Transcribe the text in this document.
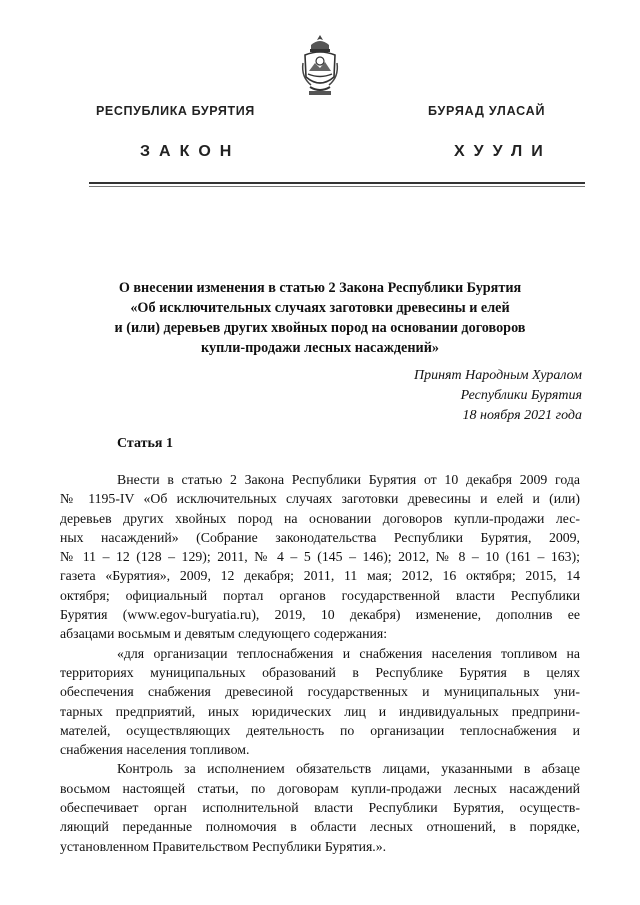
РЕСПУБЛИКА БУРЯТИЯ	БУРЯАД УЛАСАЙ
ЗАКОН	ХУУЛИ
О внесении изменения в статью 2 Закона Республики Бурятия
«Об исключительных случаях заготовки древесины и елей
и (или) деревьев других хвойных пород на основании договоров
купли-продажи лесных насаждений»
Принят Народным Хуралом
Республики Бурятия
18 ноября 2021 года
Статья 1
Внести в статью 2 Закона Республики Бурятия от 10 декабря 2009 года
№ 1195-IV «Об исключительных случаях заготовки древесины и елей и (или)
деревьев других хвойных пород на основании договоров купли-продажи лес-
ных насаждений» (Собрание законодательства Республики Бурятия, 2009,
№ 11 – 12 (128 – 129); 2011, № 4 – 5 (145 – 146); 2012, № 8 – 10 (161 – 163);
газета «Бурятия», 2009, 12 декабря; 2011, 11 мая; 2012, 16 октября; 2015, 14
октября; официальный портал органов государственной власти Республики
Бурятия (www.egov-buryatia.ru), 2019, 10 декабря) изменение, дополнив ее
абзацами восьмым и девятым следующего содержания:
«для организации теплоснабжения и снабжения населения топливом на
территориях муниципальных образований в Республике Бурятия в целях
обеспечения снабжения древесиной государственных и муниципальных уни-
тарных предприятий, иных юридических лиц и индивидуальных предприни-
мателей, осуществляющих деятельность по организации теплоснабжения и
снабжения населения топливом.
Контроль за исполнением обязательств лицами, указанными в абзаце
восьмом настоящей статьи, по договорам купли-продажи лесных насаждений
обеспечивает орган исполнительной власти Республики Бурятия, осуществ-
ляющий переданные полномочия в области лесных отношений, в порядке,
установленном Правительством Республики Бурятия.».
